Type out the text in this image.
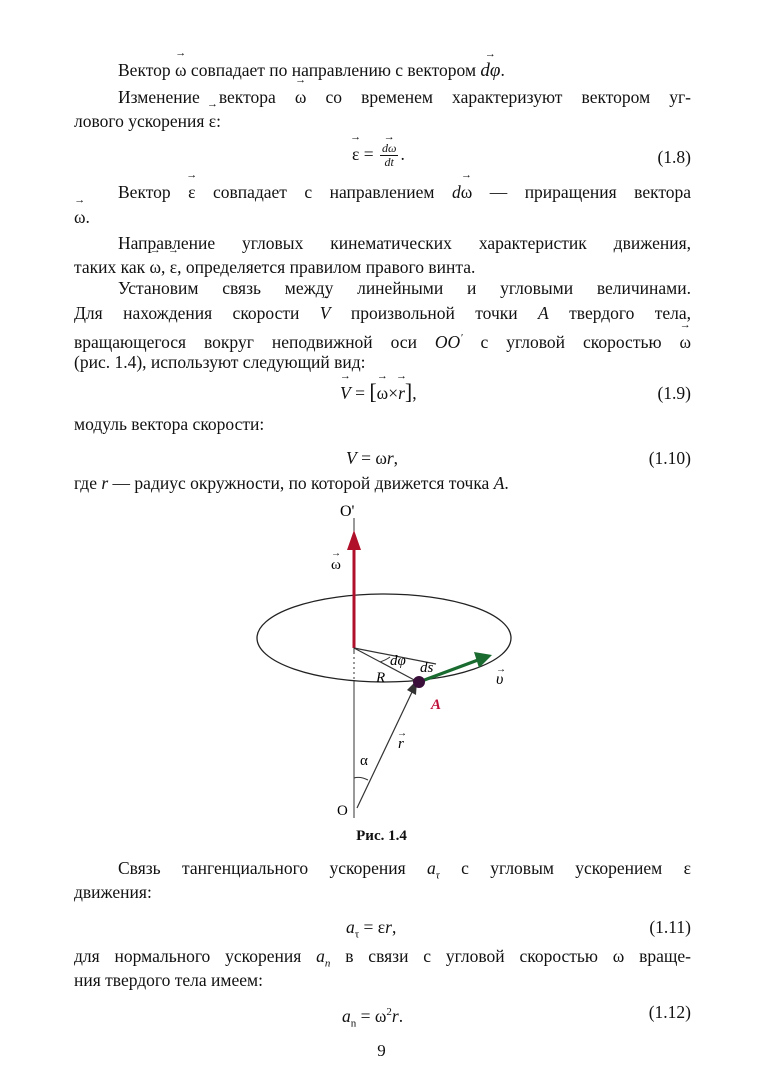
Вектор → ω совпадает по направлению с вектором → dφ.
Изменение вектора → ω со временем характеризуют вектором уг-
лового ускорения → ε:
→ ε = → $\frac{d\omega}{dt}$ .	(1.8)
Вектор → ε совпадает с направлением d→ ω — приращения вектора
→ ω.
Направление угловых кинематических характеристик движения,
таких как → ω, → ε, определяется правилом правого винта.
Установим связь между линейными и угловыми величинами.
Для нахождения скорости → V произвольной точки A твердого тела,
вращающегося вокруг неподвижной оси OO′ с угловой скоростью → ω
(рис. 1.4), используют следующий вид:
→ V = [→ ω×→ r],	(1.9)
модуль вектора скорости:
V = ωr,	(1.10)
где r — радиус окружности, по которой движется точка A.
O'
ω
→
dφ ds
R	υ
→
A
r
→
α
O
Рис. 1.4
Связь тангенциального ускорения $a_\tau$ с угловым ускорением ε
движения:
$a_\tau = \varepsilon r$,	(1.11)
для нормального ускорения $a_n$ в связи с угловой скоростью ω враще-
ния твердого тела имеем:
$a_n = \omega^2r$.	(1.12)
9
